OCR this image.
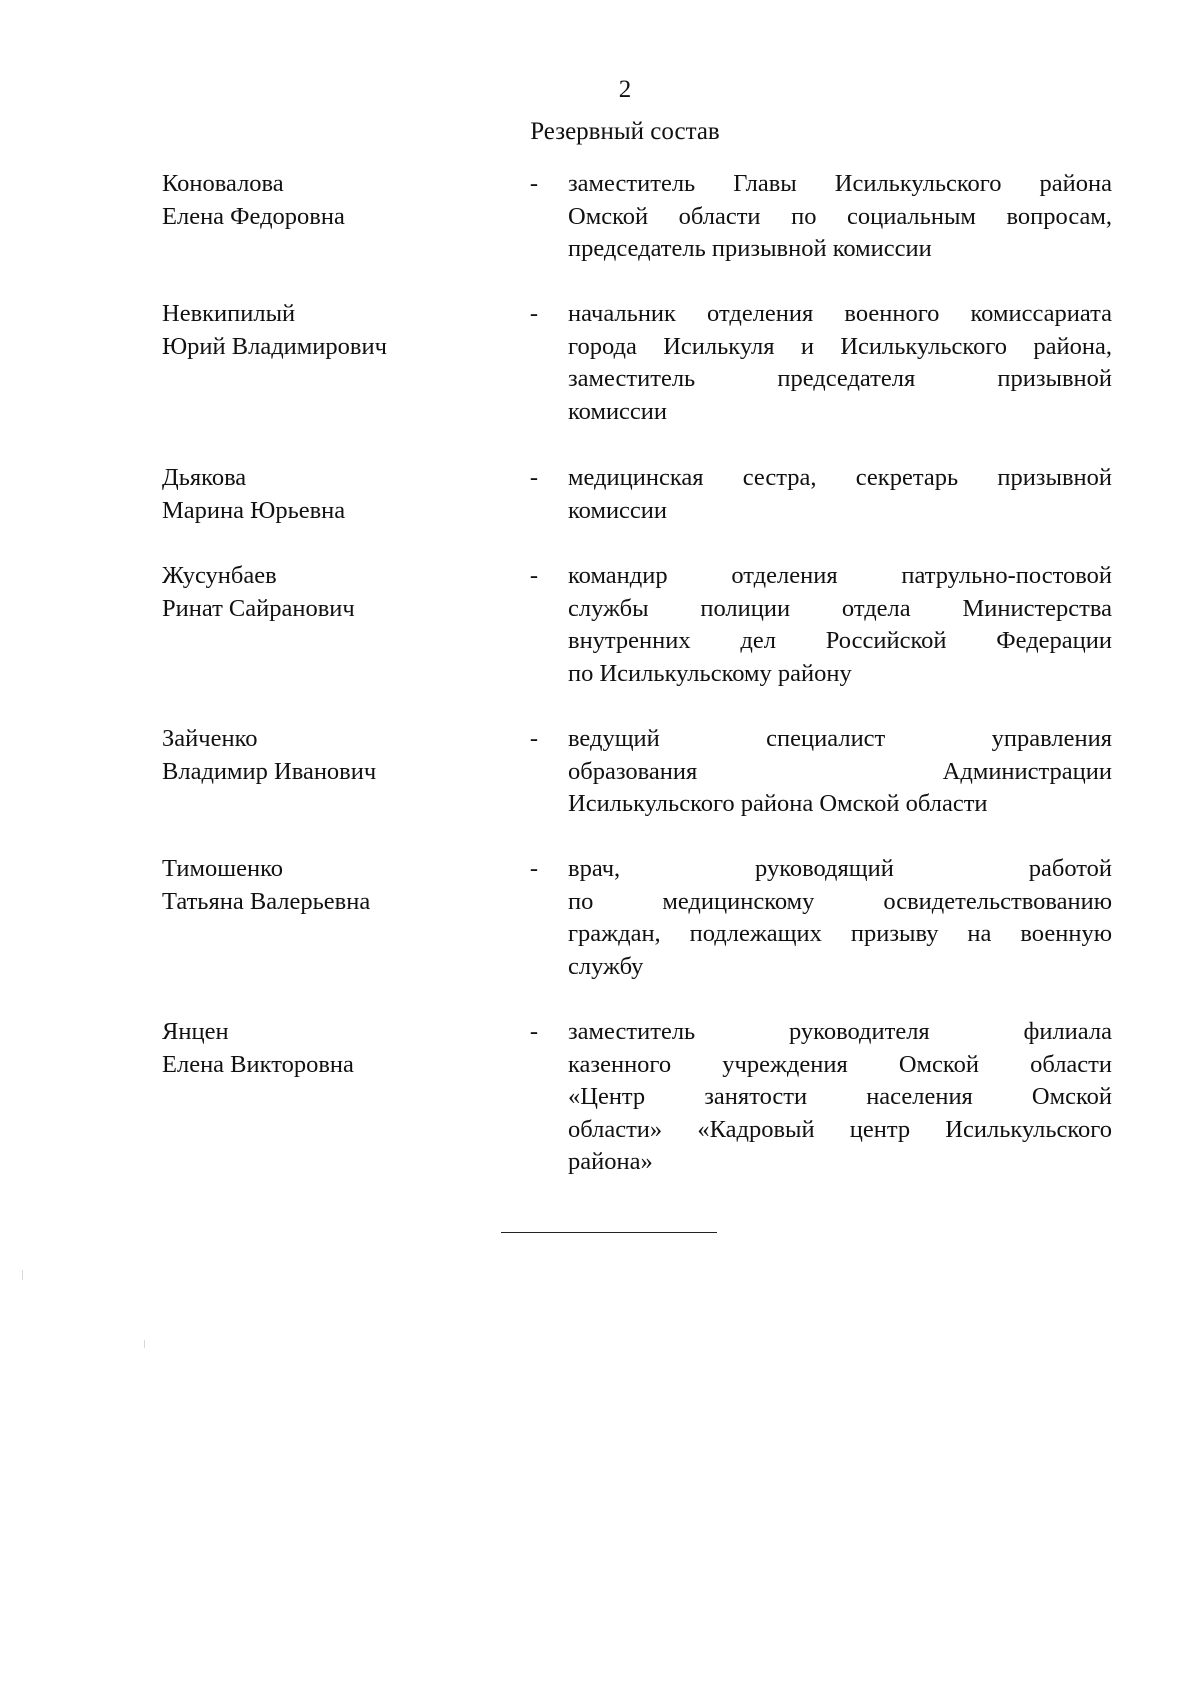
2
Резервный состав
Коновалова
Елена Федоровна
- заместитель Главы Исилькульского района
Омской области по социальным вопросам,
председатель призывной комиссии
Невкипилый
Юрий Владимирович
- начальник отделения военного комиссариата
города Исилькуля и Исилькульского района,
заместитель председателя призывной
комиссии
Дьякова
Марина Юрьевна
- медицинская сестра, секретарь призывной
комиссии
Жусунбаев
Ринат Сайранович
- командир отделения патрульно-постовой
службы полиции отдела Министерства
внутренних дел Российской Федерации
по Исилькульскому району
Зайченко
Владимир Иванович
- ведущий специалист управления
образования Администрации
Исилькульского района Омской области
Тимошенко
Татьяна Валерьевна
- врач, руководящий работой
по медицинскому освидетельствованию
граждан, подлежащих призыву на военную
службу
Янцен
Елена Викторовна
- заместитель руководителя филиала
казенного учреждения Омской области
«Центр занятости населения Омской
области» «Кадровый центр Исилькульского
района»
